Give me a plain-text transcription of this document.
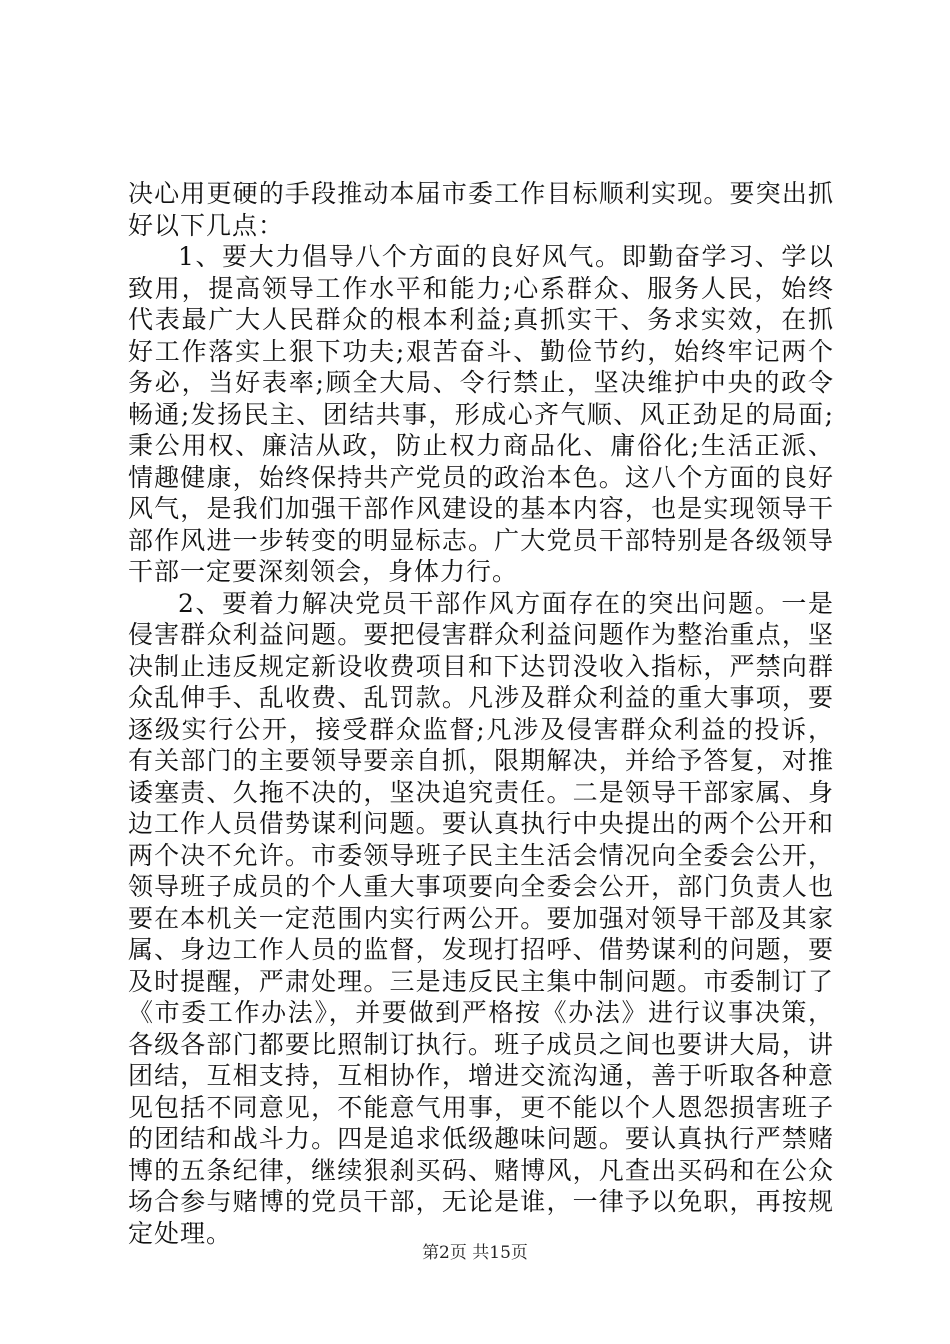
决心用更硬的手段推动本届市委工作目标顺利实现。要突出抓好以下几点：

1、要大力倡导八个方面的良好风气。即勤奋学习、学以致用，提高领导工作水平和能力;心系群众、服务人民，始终代表最广大人民群众的根本利益;真抓实干、务求实效，在抓好工作落实上狠下功夫;艰苦奋斗、勤俭节约，始终牢记两个务必，当好表率;顾全大局、令行禁止，坚决维护中央的政令畅通;发扬民主、团结共事，形成心齐气顺、风正劲足的局面;秉公用权、廉洁从政，防止权力商品化、庸俗化;生活正派、情趣健康，始终保持共产党员的政治本色。这八个方面的良好风气，是我们加强干部作风建设的基本内容，也是实现领导干部作风进一步转变的明显标志。广大党员干部特别是各级领导干部一定要深刻领会，身体力行。

2、要着力解决党员干部作风方面存在的突出问题。一是侵害群众利益问题。要把侵害群众利益问题作为整治重点，坚决制止违反规定新设收费项目和下达罚没收入指标，严禁向群众乱伸手、乱收费、乱罚款。凡涉及群众利益的重大事项，要逐级实行公开，接受群众监督;凡涉及侵害群众利益的投诉，有关部门的主要领导要亲自抓，限期解决，并给予答复，对推诿塞责、久拖不决的，坚决追究责任。二是领导干部家属、身边工作人员借势谋利问题。要认真执行中央提出的两个公开和两个决不允许。市委领导班子民主生活会情况向全委会公开，领导班子成员的个人重大事项要向全委会公开，部门负责人也要在本机关一定范围内实行两公开。要加强对领导干部及其家属、身边工作人员的监督，发现打招呼、借势谋利的问题，要及时提醒，严肃处理。三是违反民主集中制问题。市委制订了《市委工作办法》，并要做到严格按《办法》进行议事决策，各级各部门都要比照制订执行。班子成员之间也要讲大局，讲团结，互相支持，互相协作，增进交流沟通，善于听取各种意见包括不同意见，不能意气用事，更不能以个人恩怨损害班子的团结和战斗力。四是追求低级趣味问题。要认真执行严禁赌博的五条纪律，继续狠刹买码、赌博风，凡查出买码和在公众场合参与赌博的党员干部，无论是谁，一律予以免职，再按规定处理。

第2页 共15页
